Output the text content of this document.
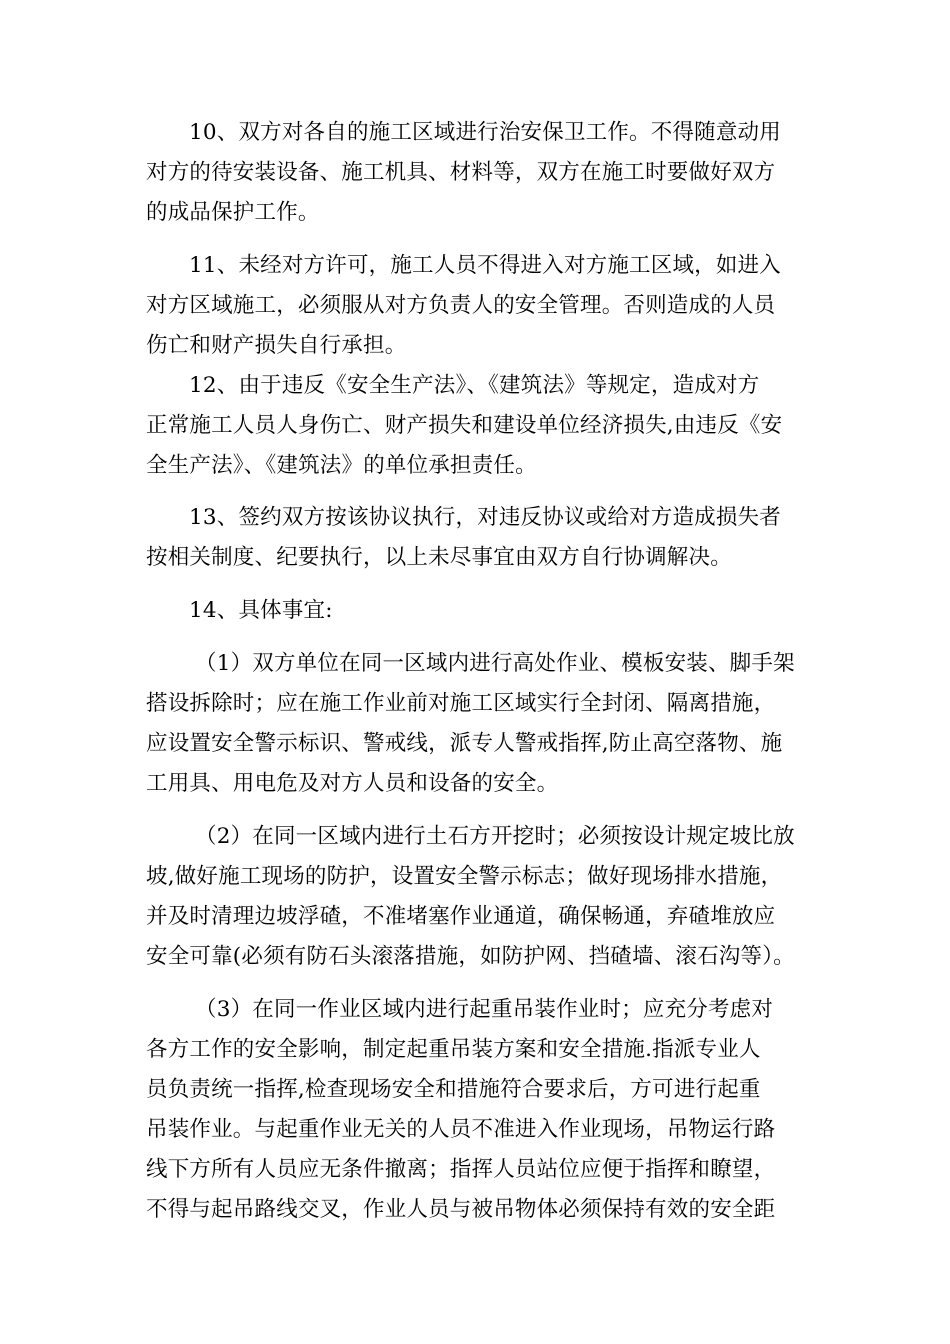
10、双方对各自的施工区域进行治安保卫工作。不得随意动用
对方的待安装设备、施工机具、材料等，双方在施工时要做好双方
的成品保护工作。
11、未经对方许可，施工人员不得进入对方施工区域，如进入
对方区域施工，必须服从对方负责人的安全管理。否则造成的人员
伤亡和财产损失自行承担。
12、由于违反《安全生产法》、《建筑法》等规定，造成对方
正常施工人员人身伤亡、财产损失和建设单位经济损失,由违反《安
全生产法》、《建筑法》的单位承担责任。
13、签约双方按该协议执行，对违反协议或给对方造成损失者
按相关制度、纪要执行，以上未尽事宜由双方自行协调解决。
14、具体事宜:
（1）双方单位在同一区域内进行高处作业、模板安装、脚手架
搭设拆除时；应在施工作业前对施工区域实行全封闭、隔离措施，
应设置安全警示标识、警戒线，派专人警戒指挥,防止高空落物、施
工用具、用电危及对方人员和设备的安全。
（2）在同一区域内进行土石方开挖时；必须按设计规定坡比放
坡,做好施工现场的防护，设置安全警示标志；做好现场排水措施，
并及时清理边坡浮碴，不准堵塞作业通道，确保畅通，弃碴堆放应
安全可靠(必须有防石头滚落措施，如防护网、挡碴墙、滚石沟等）。
（3）在同一作业区域内进行起重吊装作业时；应充分考虑对
各方工作的安全影响，制定起重吊装方案和安全措施.指派专业人
员负责统一指挥,检查现场安全和措施符合要求后，方可进行起重
吊装作业。与起重作业无关的人员不准进入作业现场，吊物运行路
线下方所有人员应无条件撤离；指挥人员站位应便于指挥和瞭望，
不得与起吊路线交叉，作业人员与被吊物体必须保持有效的安全距
